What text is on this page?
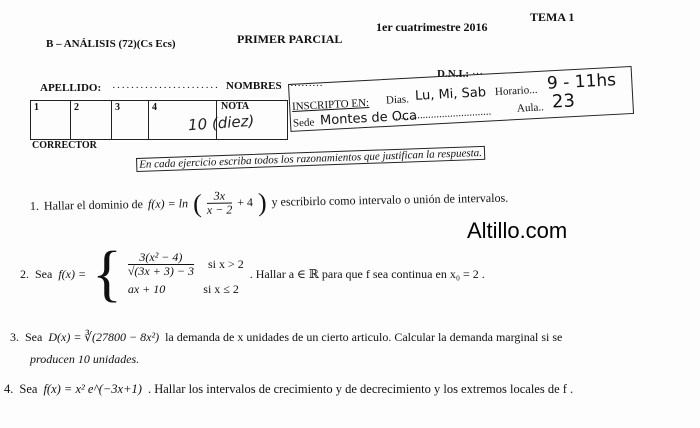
B – ANÁLISIS (72)(Cs Ecs)	PRIMER PARCIAL
1er cuatrimestre 2016
TEMA 1
APELLIDO: ······················· NOMBRES ·········
D.N.I.: ···
1	2	3	4	NOTA
10 (diez)
CORRECTOR
INSCRIPTO EN: Dias. Lu, Mi, Sab Horario... 9 - 11hs
Sede Montes de Oca
................................... Aula.. 23
En cada ejercicio escriba todos los razonamientos que justifican la respuesta.
Altillo.com
1. Hallar el dominio de f(x) = ln ( $\frac{3x}{x - 2} + 4$ ) y escribirlo como intervalo o unión de intervalos.
2. Sea f(x) = { $\frac{\text{3(x² − 4)}}{√(3x + 3) - 3}$ si x > 2
ax + 10	si x ≤ 2
. Hallar a ∈ ℝ para que f sea continua en x₀ = 2 .
3. Sea D(x) = ∛(27800 − 8x²) la demanda de x unidades de un cierto articulo. Calcular la demanda marginal si se
producen 10 unidades.
4. Sea f(x) = x² e^(−3x+1) . Hallar los intervalos de crecimiento y de decrecimiento y los extremos locales de f .
